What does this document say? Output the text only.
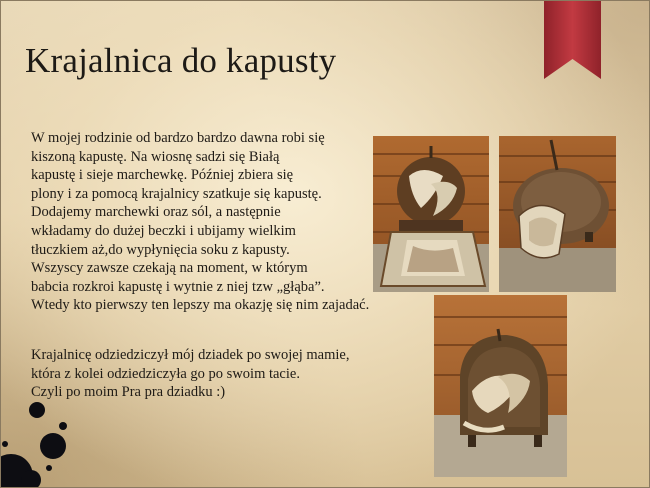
Krajalnica do kapusty
W mojej rodzinie od bardzo bardzo dawna robi się
kiszoną kapustę. Na wiosnę sadzi się Białą
kapustę i sieje marchewkę. Później zbiera się
plony i za pomocą krajalnicy szatkuje się kapustę.
Dodajemy marchewki oraz sól, a następnie
wkładamy do dużej beczki i ubijamy wielkim
tłuczkiem aż,do wypłynięcia soku z kapusty.
Wszyscy zawsze czekają na moment, w którym
babcia rozkroi kapustę i wytnie z niej tzw „głąba”.
Wtedy kto pierwszy ten lepszy ma okazję się nim zajadać.
Krajalnicę odziedziczył mój dziadek po swojej mamie,
która z kolei odziedziczyła go po swoim tacie.
Czyli po moim Pra pra dziadku :)
